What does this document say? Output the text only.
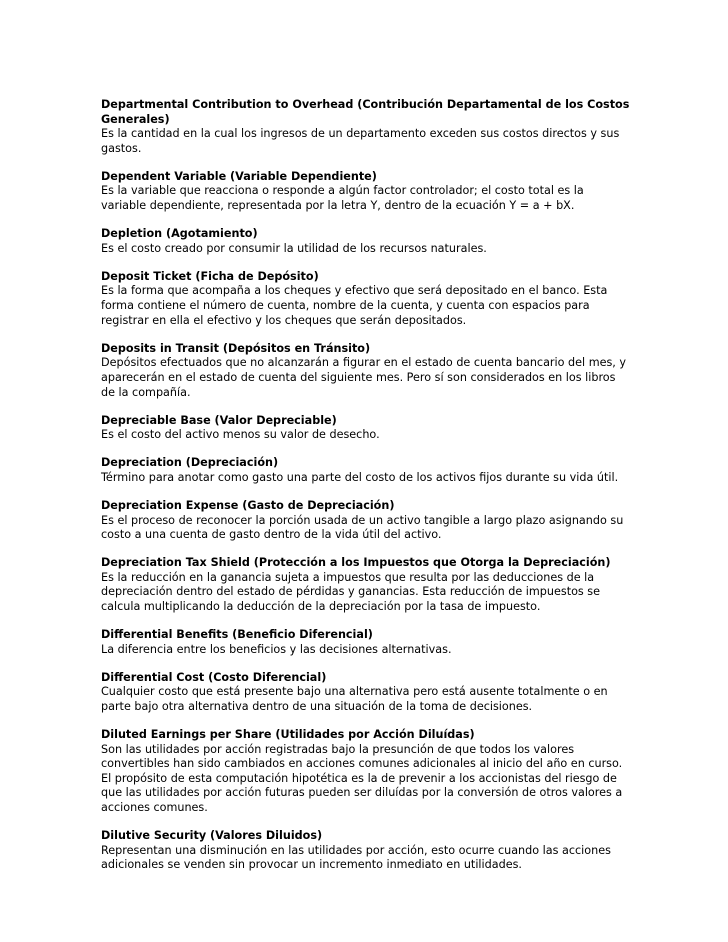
Departmental Contribution to Overhead (Contribución Departamental de los Costos Generales)

Es la cantidad en la cual los ingresos de un departamento exceden sus costos directos y sus gastos.

Dependent Variable (Variable Dependiente)

Es la variable que reacciona o responde a algún factor controlador; el costo total es la variable dependiente, representada por la letra Y, dentro de la ecuación Y = a + bX.

Depletion (Agotamiento)

Es el costo creado por consumir la utilidad de los recursos naturales.

Deposit Ticket (Ficha de Depósito)

Es la forma que acompaña a los cheques y efectivo que será depositado en el banco. Esta forma contiene el número de cuenta, nombre de la cuenta, y cuenta con espacios para registrar en ella el efectivo y los cheques que serán depositados.

Deposits in Transit (Depósitos en Tránsito)

Depósitos efectuados que no alcanzarán a figurar en el estado de cuenta bancario del mes, y aparecerán en el estado de cuenta del siguiente mes. Pero sí son considerados en los libros de la compañía.

Depreciable Base (Valor Depreciable)

Es el costo del activo menos su valor de desecho.

Depreciation (Depreciación)

Término para anotar como gasto una parte del costo de los activos fijos durante su vida útil.

Depreciation Expense (Gasto de Depreciación)

Es el proceso de reconocer la porción usada de un activo tangible a largo plazo asignando su costo a una cuenta de gasto dentro de la vida útil del activo.

Depreciation Tax Shield (Protección a los Impuestos que Otorga la Depreciación)

Es la reducción en la ganancia sujeta a impuestos que resulta por las deducciones de la depreciación dentro del estado de pérdidas y ganancias. Esta reducción de impuestos se calcula multiplicando la deducción de la depreciación por la tasa de impuesto.

Differential Benefits (Beneficio Diferencial)

La diferencia entre los beneficios y las decisiones alternativas.

Differential Cost (Costo Diferencial)

Cualquier costo que está presente bajo una alternativa pero está ausente totalmente o en parte bajo otra alternativa dentro de una situación de la toma de decisiones.

Diluted Earnings per Share (Utilidades por Acción Diluídas)

Son las utilidades por acción registradas bajo la presunción de que todos los valores convertibles han sido cambiados en acciones comunes adicionales al inicio del año en curso. El propósito de esta computación hipotética es la de prevenir a los accionistas del riesgo de que las utilidades por acción futuras pueden ser diluídas por la conversión de otros valores a acciones comunes.

Dilutive Security (Valores Diluidos)

Representan una disminución en las utilidades por acción, esto ocurre cuando las acciones adicionales se venden sin provocar un incremento inmediato en utilidades.
